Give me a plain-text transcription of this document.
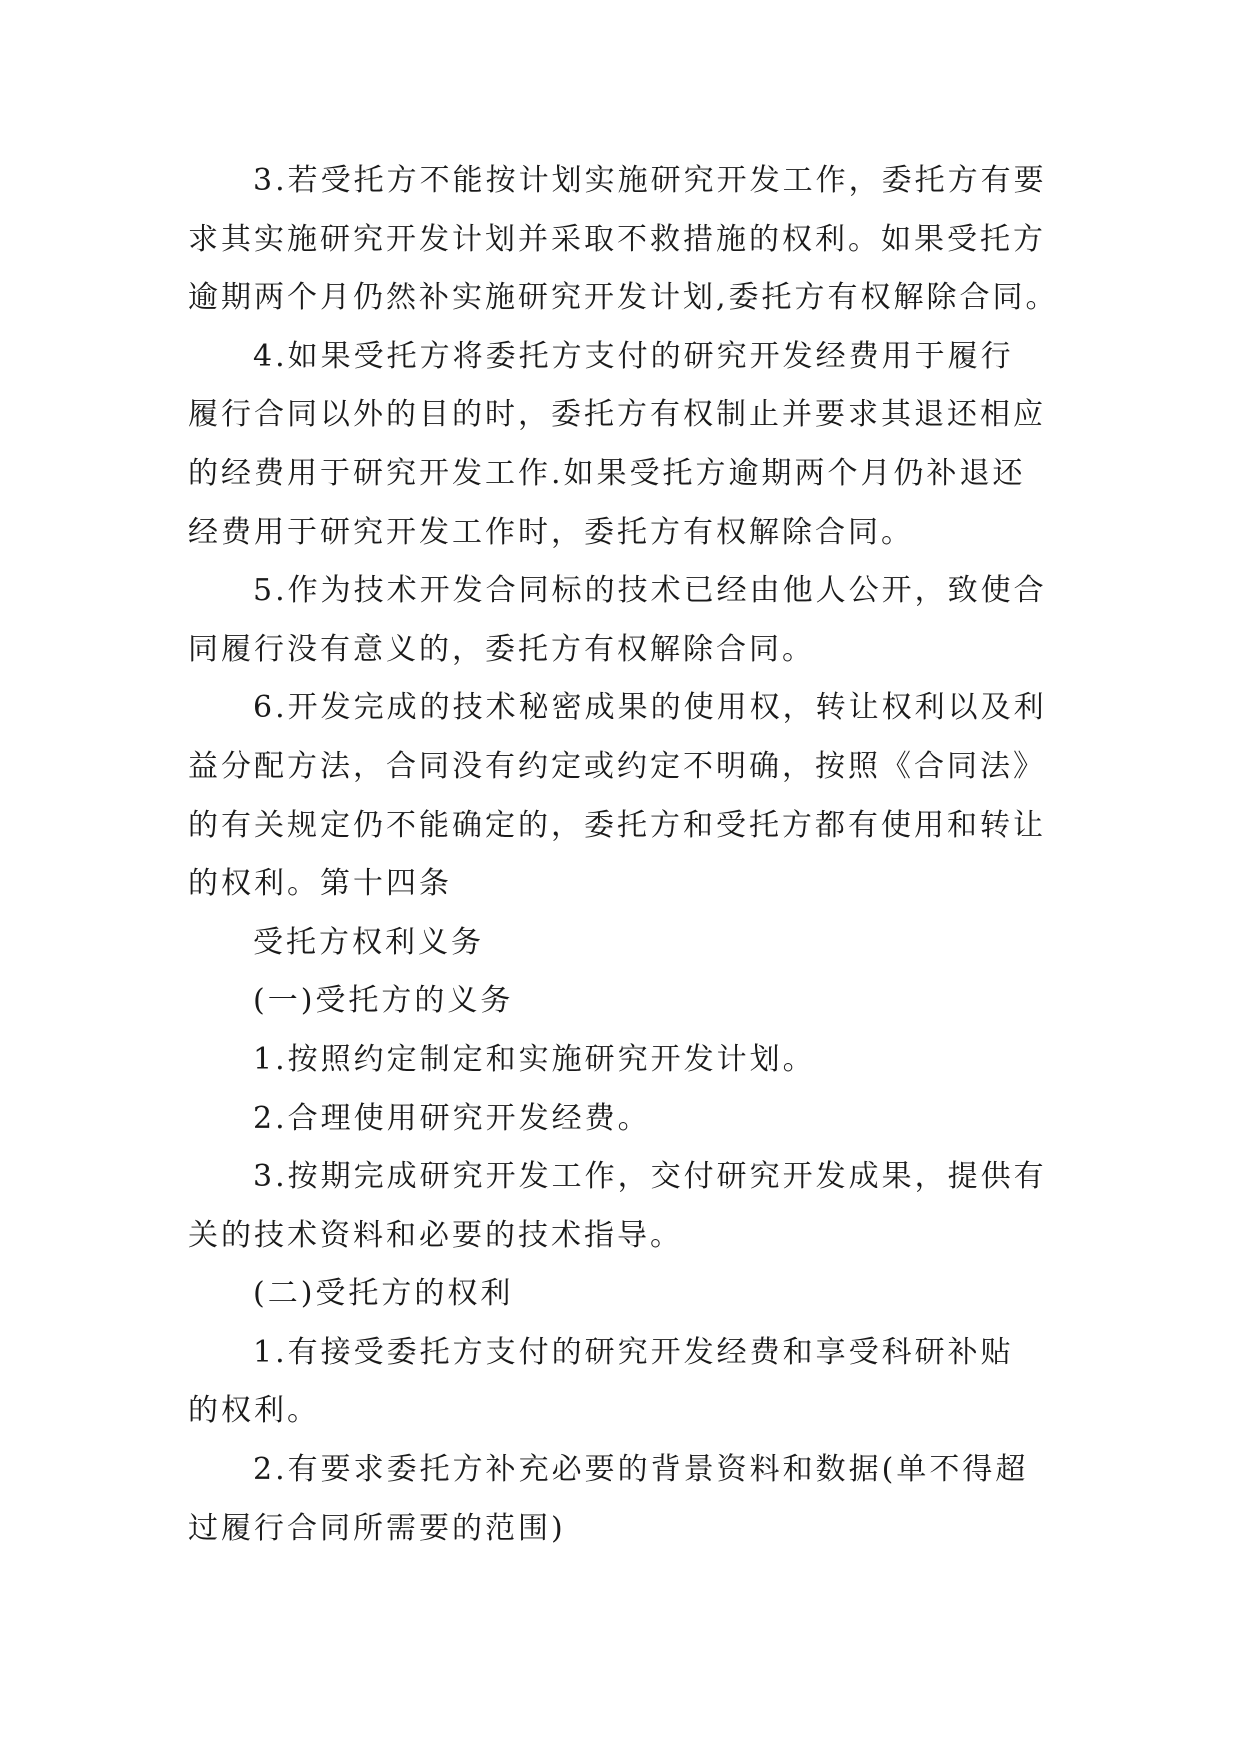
3.若受托方不能按计划实施研究开发工作，委托方有要
求其实施研究开发计划并采取不救措施的权利。如果受托方
逾期两个月仍然补实施研究开发计划,委托方有权解除合同。
4.如果受托方将委托方支付的研究开发经费用于履行
履行合同以外的目的时，委托方有权制止并要求其退还相应
的经费用于研究开发工作.如果受托方逾期两个月仍补退还
经费用于研究开发工作时，委托方有权解除合同。
5.作为技术开发合同标的技术已经由他人公开，致使合
同履行没有意义的，委托方有权解除合同。
6.开发完成的技术秘密成果的使用权，转让权利以及利
益分配方法，合同没有约定或约定不明确，按照《合同法》
的有关规定仍不能确定的，委托方和受托方都有使用和转让
的权利。第十四条
受托方权利义务
(一)受托方的义务
1.按照约定制定和实施研究开发计划。
2.合理使用研究开发经费。
3.按期完成研究开发工作，交付研究开发成果，提供有
关的技术资料和必要的技术指导。
(二)受托方的权利
1.有接受委托方支付的研究开发经费和享受科研补贴
的权利。
2.有要求委托方补充必要的背景资料和数据(单不得超
过履行合同所需要的范围)
